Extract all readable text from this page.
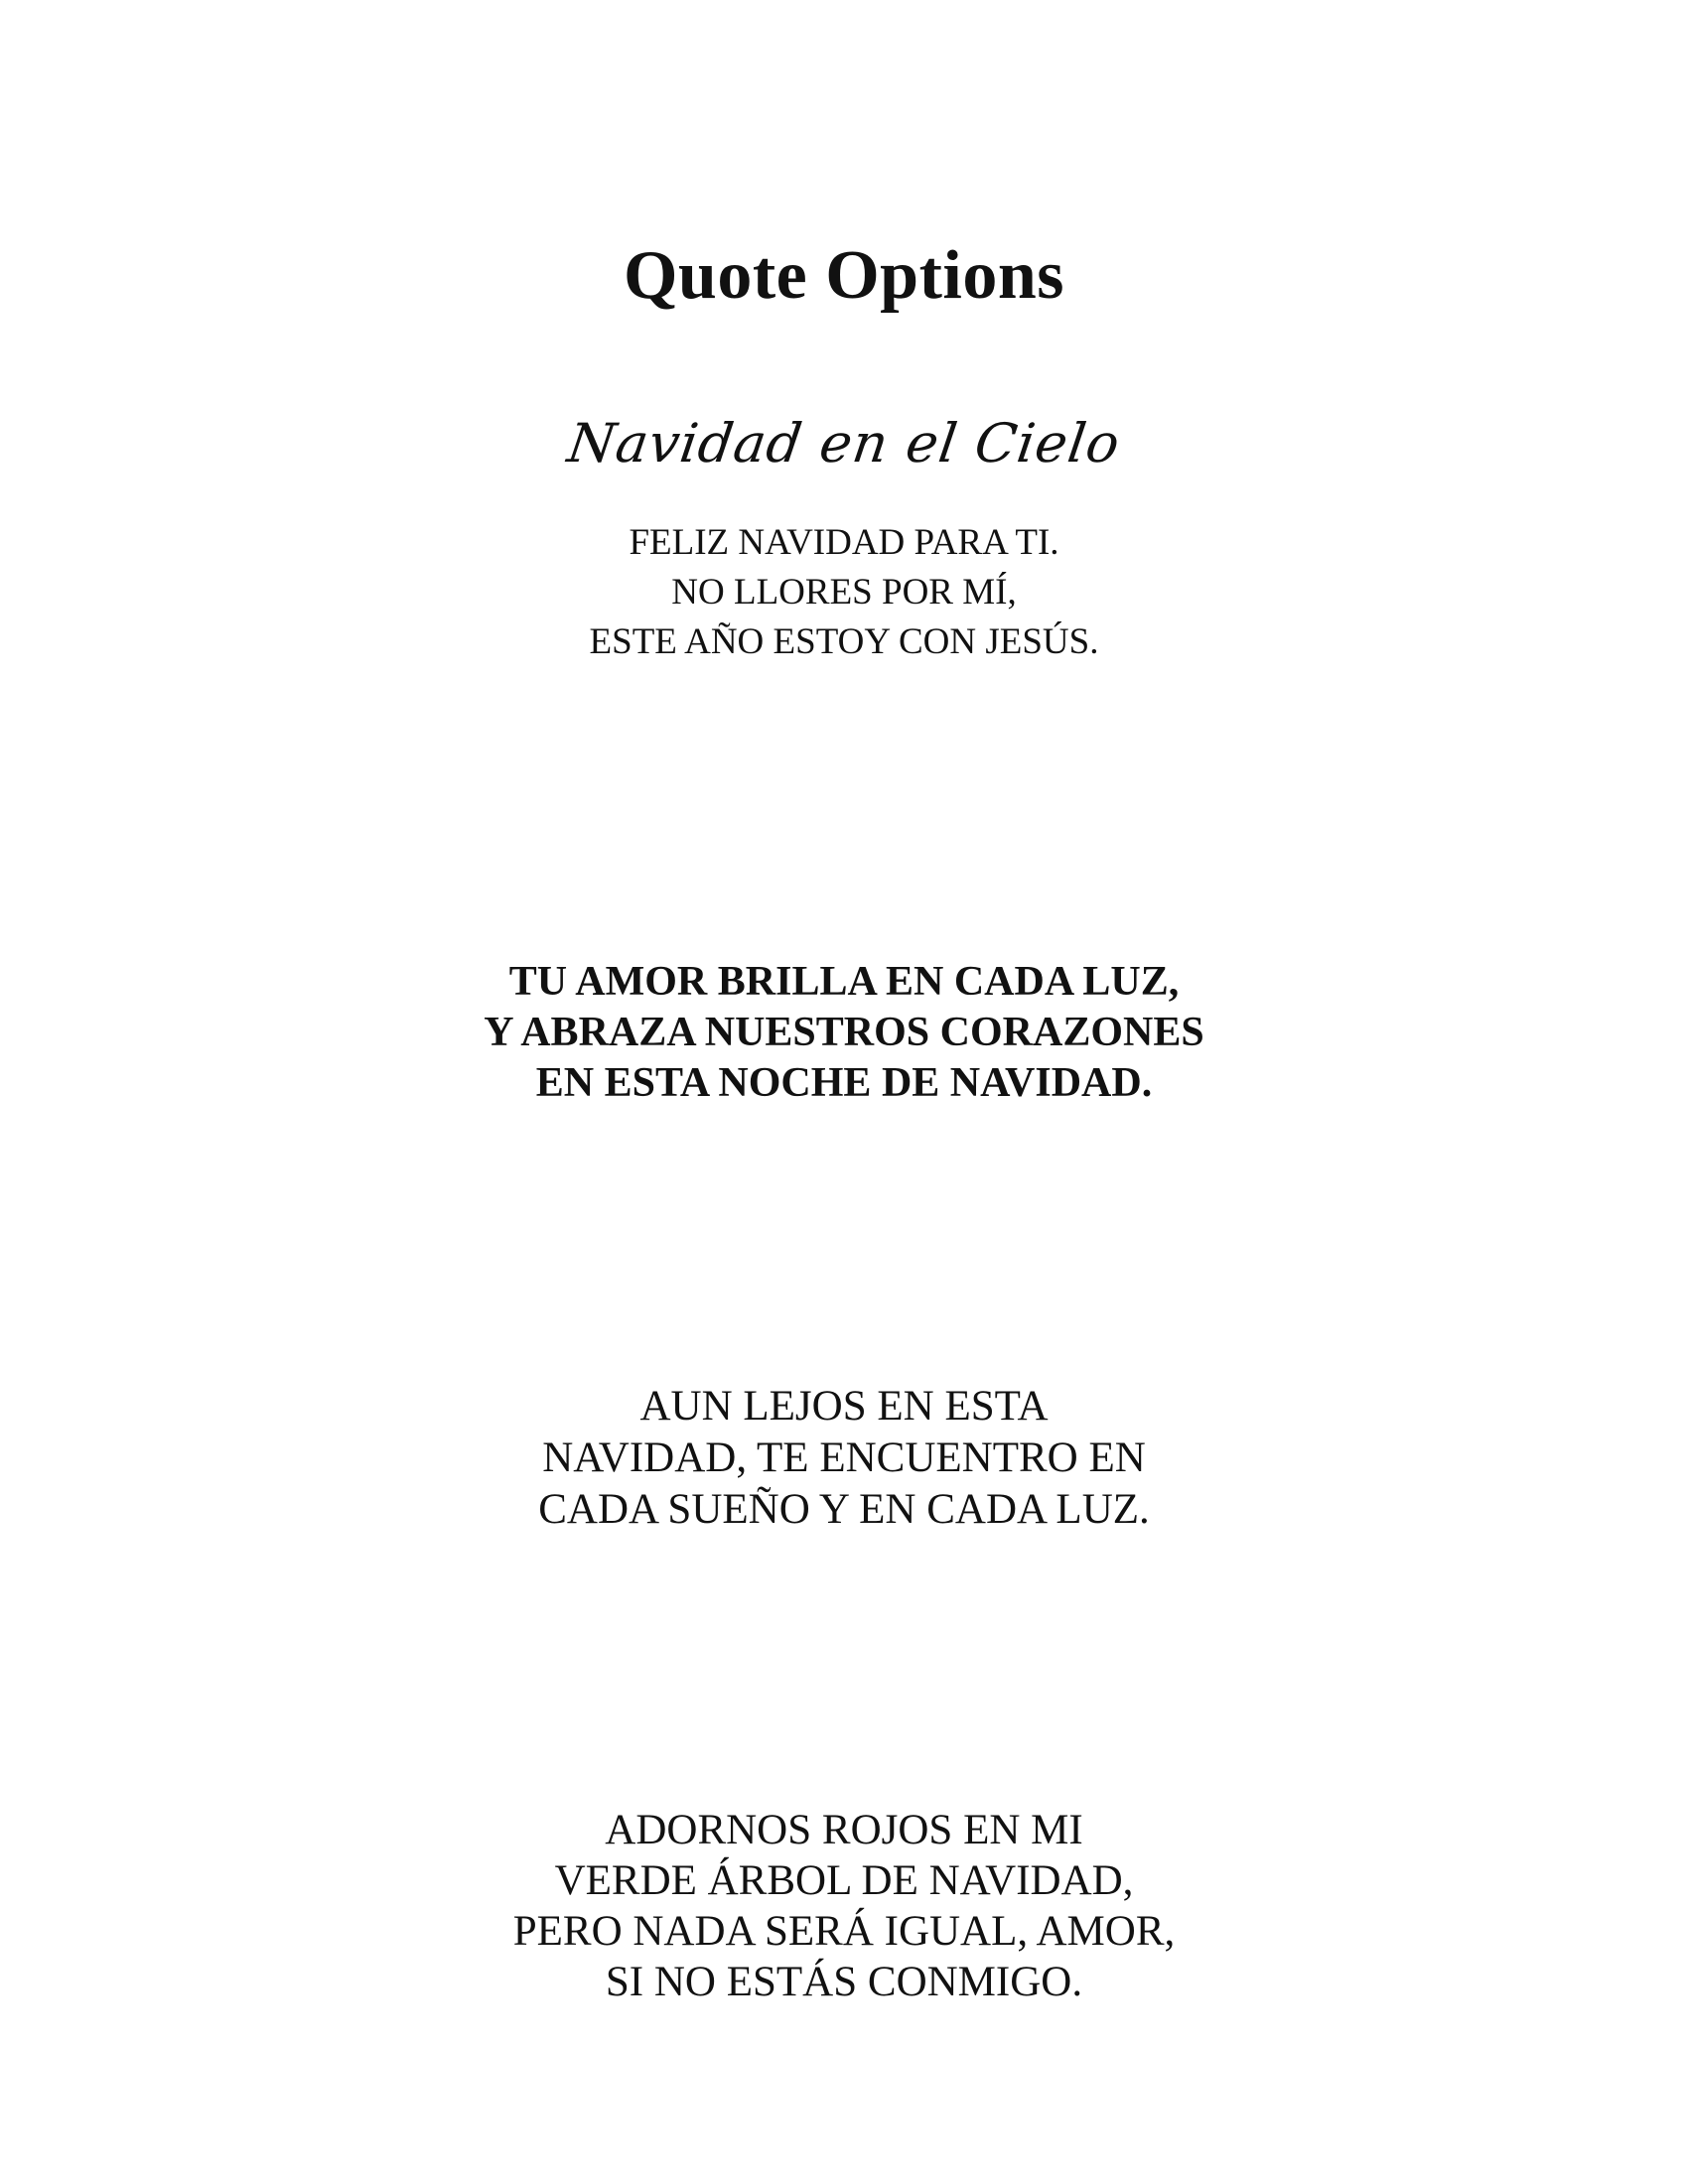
Quote Options
Navidad en el Cielo
FELIZ NAVIDAD PARA TI.
NO LLORES POR MÍ,
ESTE AÑO ESTOY CON JESÚS.
TU AMOR BRILLA EN CADA LUZ,
Y ABRAZA NUESTROS CORAZONES
EN ESTA NOCHE DE NAVIDAD.
AUN LEJOS EN ESTA
NAVIDAD, TE ENCUENTRO EN
CADA SUEÑO Y EN CADA LUZ.
ADORNOS ROJOS EN MI
VERDE ÁRBOL DE NAVIDAD,
PERO NADA SERÁ IGUAL, AMOR,
SI NO ESTÁS CONMIGO.
